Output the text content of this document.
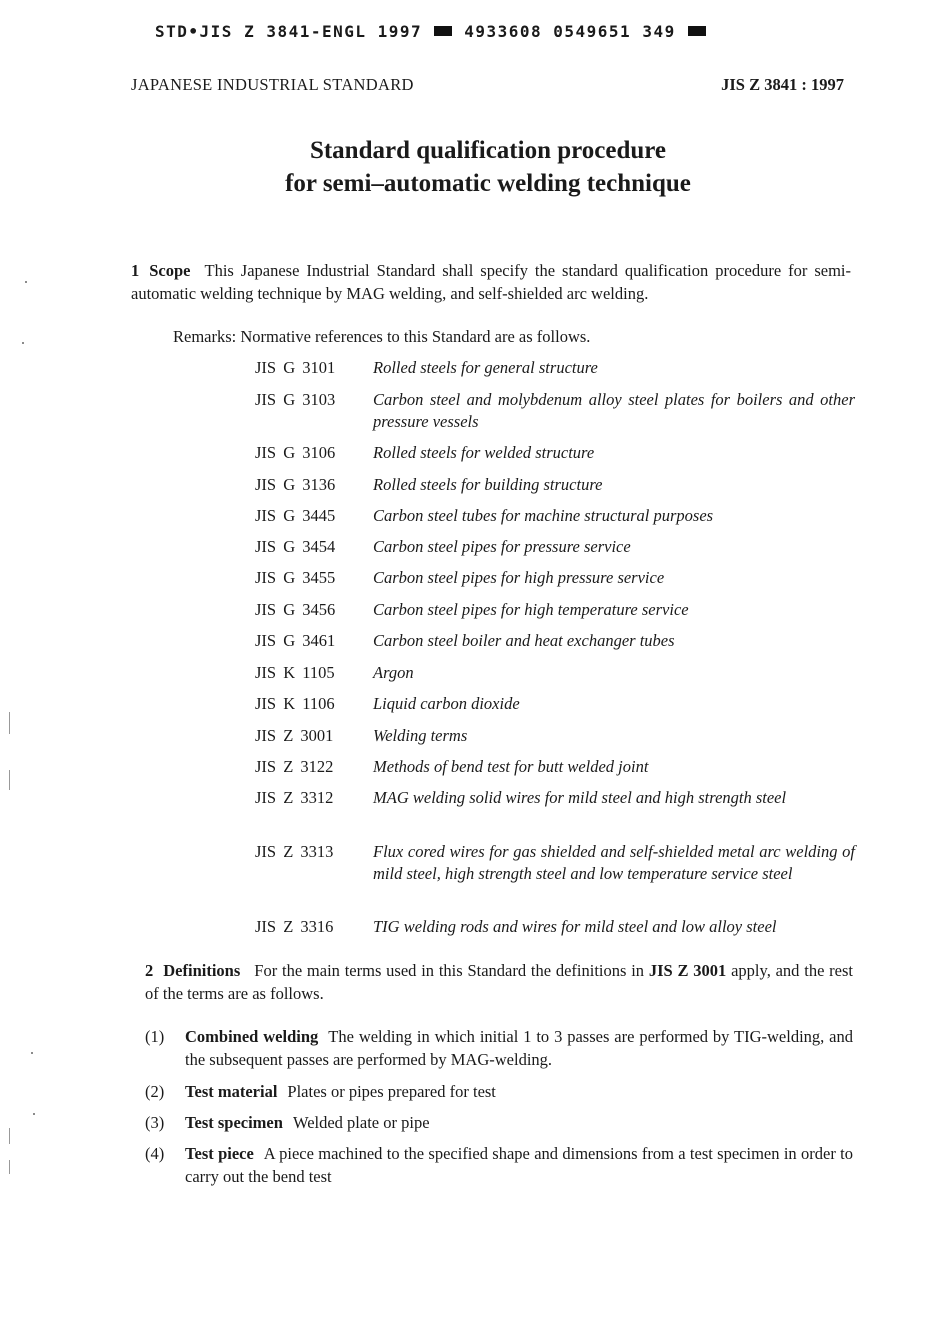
STD•JIS Z 3841-ENGL 1997	4933608 0549651 349
JAPANESE INDUSTRIAL STANDARD	JIS Z 3841 : 1997
Standard qualification procedure
for semi–automatic welding technique
1 Scope This Japanese Industrial Standard shall specify the standard qualification procedure for semi-automatic welding technique by MAG welding, and self-shielded arc welding.
Remarks: Normative references to this Standard are as follows.
JIS G 3101	Rolled steels for general structure
JIS G 3103	Carbon steel and molybdenum alloy steel plates for boilers and other pressure vessels
JIS G 3106	Rolled steels for welded structure
JIS G 3136	Rolled steels for building structure
JIS G 3445	Carbon steel tubes for machine structural purposes
JIS G 3454	Carbon steel pipes for pressure service
JIS G 3455	Carbon steel pipes for high pressure service
JIS G 3456	Carbon steel pipes for high temperature service
JIS G 3461	Carbon steel boiler and heat exchanger tubes
JIS K 1105	Argon
JIS K 1106	Liquid carbon dioxide
JIS Z 3001	Welding terms
JIS Z 3122	Methods of bend test for butt welded joint
JIS Z 3312	MAG welding solid wires for mild steel and high strength steel
JIS Z 3313	Flux cored wires for gas shielded and self-shielded metal arc welding of mild steel, high strength steel and low temperature service steel
JIS Z 3316	TIG welding rods and wires for mild steel and low alloy steel
2 Definitions For the main terms used in this Standard the definitions in JIS Z 3001 apply, and the rest of the terms are as follows.
(1)	Combined welding The welding in which initial 1 to 3 passes are performed by TIG-welding, and the subsequent passes are performed by MAG-welding.
(2)	Test material Plates or pipes prepared for test
(3)	Test specimen Welded plate or pipe
(4)	Test piece A piece machined to the specified shape and dimensions from a test specimen in order to carry out the bend test
